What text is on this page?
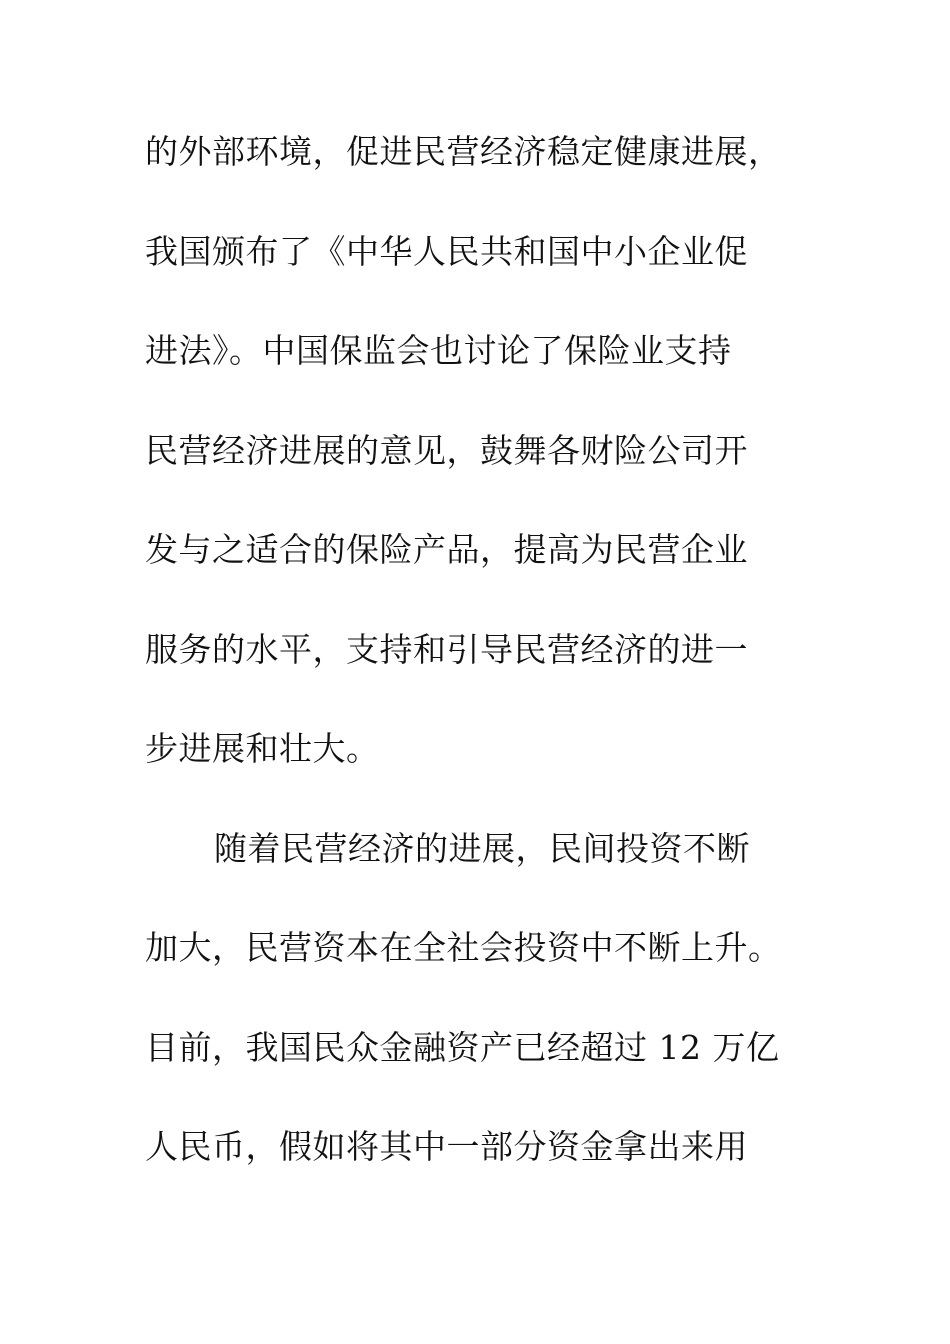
的外部环境，促进民营经济稳定健康进展，
我国颁布了《中华人民共和国中小企业促
进法》。中国保监会也讨论了保险业支持
民营经济进展的意见，鼓舞各财险公司开
发与之适合的保险产品，提高为民营企业
服务的水平，支持和引导民营经济的进一
步进展和壮大。
随着民营经济的进展，民间投资不断
加大，民营资本在全社会投资中不断上升。
目前，我国民众金融资产已经超过 12 万亿
人民币，假如将其中一部分资金拿出来用
